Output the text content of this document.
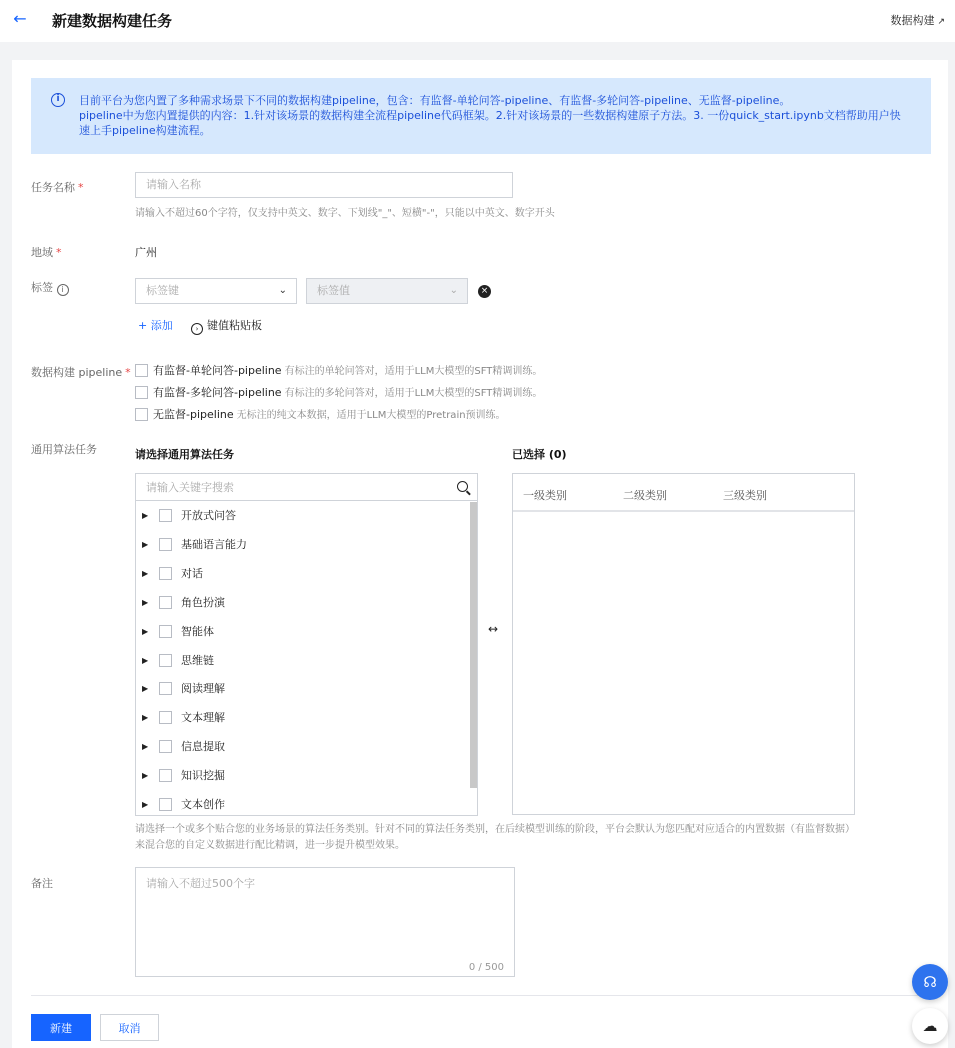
← 新建数据构建任务	数据构建 ↗
i	目前平台为您内置了多种需求场景下不同的数据构建pipeline，包含：有监督-单轮问答-pipeline、有监督-多轮问答-pipeline、无监督-pipeline。
pipeline中为您内置提供的内容：1.针对该场景的数据构建全流程pipeline代码框架。2.针对该场景的一些数据构建原子方法。3. 一份quick_start.ipynb文档帮助用户快速上手pipeline构建流程。
任务名称 *	请输入名称
请输入不超过60个字符，仅支持中英文、数字、下划线"_"、短横"-"，只能以中英文、数字开头
地域 *	广州
标签 i	标签键	⌄	标签值	⌄	×
+ 添加	› 键值粘贴板
数据构建 pipeline *	有监督-单轮问答-pipeline 有标注的单轮问答对，适用于LLM大模型的SFT精调训练。
有监督-多轮问答-pipeline 有标注的多轮问答对，适用于LLM大模型的SFT精调训练。
无监督-pipeline 无标注的纯文本数据，适用于LLM大模型的Pretrain预训练。
通用算法任务	请选择通用算法任务	已选择 (0)
请输入关键字搜索
▶	开放式问答
▶	基础语言能力
▶	对话
▶	角色扮演
▶	智能体
▶	思维链
▶	阅读理解
▶	文本理解
▶	信息提取
▶	知识挖掘
▶	文本创作
↔
一级类别	二级类别	三级类别
请选择一个或多个贴合您的业务场景的算法任务类别。针对不同的算法任务类别，在后续模型训练的阶段，平台会默认为您匹配对应适合的内置数据（有监督数据）
来混合您的自定义数据进行配比精调，进一步提升模型效果。
备注	请输入不超过500个字
0 / 500
新建	取消
☊
☁
